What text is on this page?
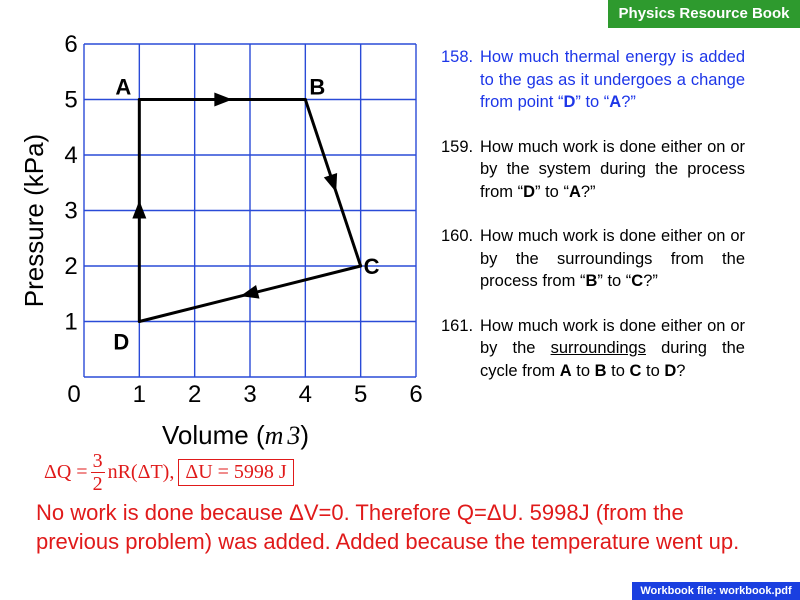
Physics Resource Book
0 1 2 3 4 5 6
1
2
3
4
5
6
A	B
C
D
Pressure (kPa)
Volume (m 3)
158. How much thermal energy is added to the gas as it undergoes a change from point “D” to “A?”
159. How much work is done either on or by the system during the process from “D” to “A?”
160. How much work is done either on or by the surroundings from the process from “B” to “C?”
161. How much work is done either on or by the surroundings during the cycle from A to B to C to D?
$\Delta Q = \frac{3}{2} nR(\Delta T)$, ΔU = 5998 J
No work is done because ΔV=0. Therefore Q=ΔU. 5998J (from the previous problem) was added. Added because the temperature went up.
Workbook file: workbook.pdf
